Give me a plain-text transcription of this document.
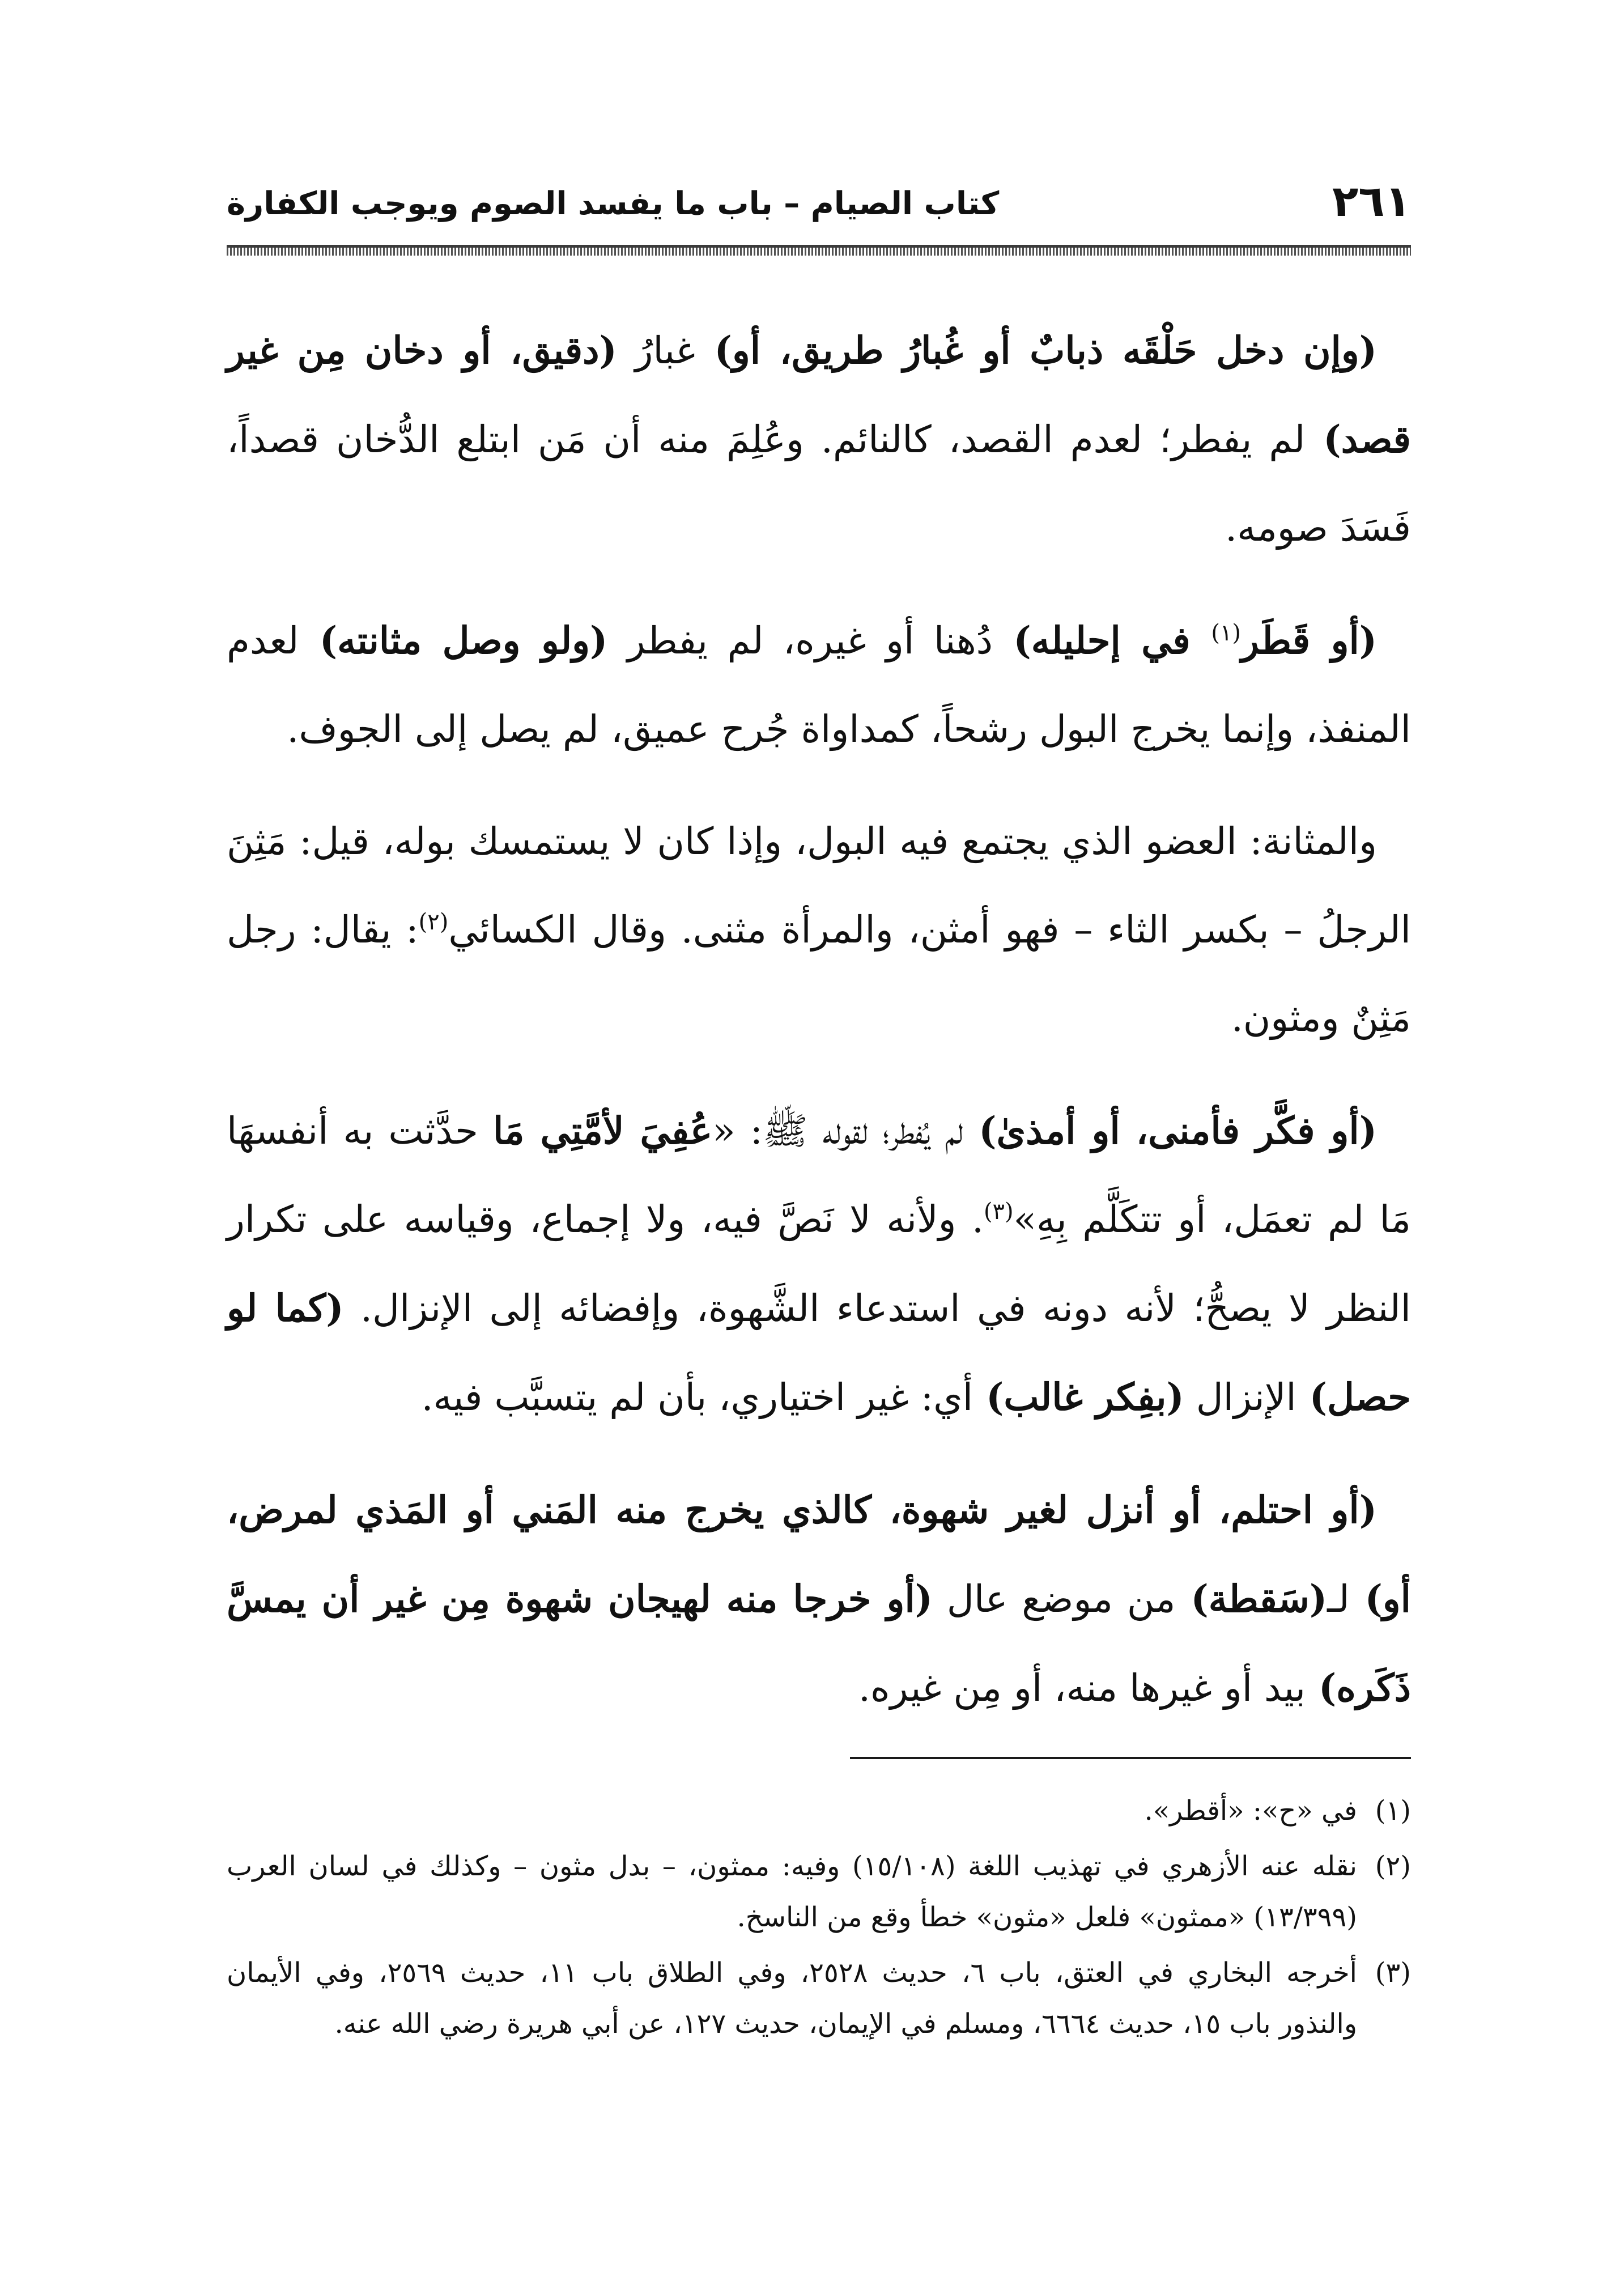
٢٦١
كتاب الصيام – باب ما يفسد الصوم ويوجب الكفارة

(وإن دخل حَلْقَه ذبابٌ أو غُبارُ طريق، أو) غبارُ (دقيق، أو دخان مِن غير قصد) لم يفطر؛ لعدم القصد، كالنائم. وعُلِمَ منه أن مَن ابتلع الدُّخان قصداً، فَسَدَ صومه.

(أو قَطَر$^{(١)}$ في إحليله) دُهنا أو غيره، لم يفطر (ولو وصل مثانته) لعدم المنفذ، وإنما يخرج البول رشحاً، كمداواة جُرح عميق، لم يصل إلى الجوف.

والمثانة: العضو الذي يجتمع فيه البول، وإذا كان لا يستمسك بوله، قيل: مَثِنَ الرجلُ – بكسر الثاء – فهو أمثن، والمرأة مثنى. وقال الكسائي$^{(٢)}$: يقال: رجل مَثِنٌ ومثون.

(أو فكَّر فأمنى، أو أمذىٰ) لم يُفطر؛ لقوله ﷺ: «عُفِيَ لأمَّتِي مَا حدَّثت به أنفسهَا مَا لم تعمَل، أو تتكَلَّم بِهِ»$^{(٣)}$. ولأنه لا نَصَّ فيه، ولا إجماع، وقياسه على تكرار النظر لا يصحُّ؛ لأنه دونه في استدعاء الشَّهوة، وإفضائه إلى الإنزال. (كما لو حصل) الإنزال (بفِكر غالب) أي: غير اختياري، بأن لم يتسبَّب فيه.

(أو احتلم، أو أنزل لغير شهوة، كالذي يخرج منه المَني أو المَذي لمرض، أو) لـ(سَقطة) من موضع عال (أو خرجا منه لهيجان شهوة مِن غير أن يمسَّ ذَكَره) بيد أو غيرها منه، أو مِن غيره.

(١)
في «ح»: «أقطر».
(٢)
نقله عنه الأزهري في تهذيب اللغة (١٥/١٠٨) وفيه: ممثون، – بدل مثون – وكذلك في لسان العرب (١٣/٣٩٩) «ممثون» فلعل «مثون» خطأ وقع من الناسخ.
(٣)
أخرجه البخاري في العتق، باب ٦، حديث ٢٥٢٨، وفي الطلاق باب ١١، حديث ٢٥٦٩، وفي الأيمان والنذور باب ١٥، حديث ٦٦٦٤، ومسلم في الإيمان، حديث ١٢٧، عن أبي هريرة رضي الله عنه.
